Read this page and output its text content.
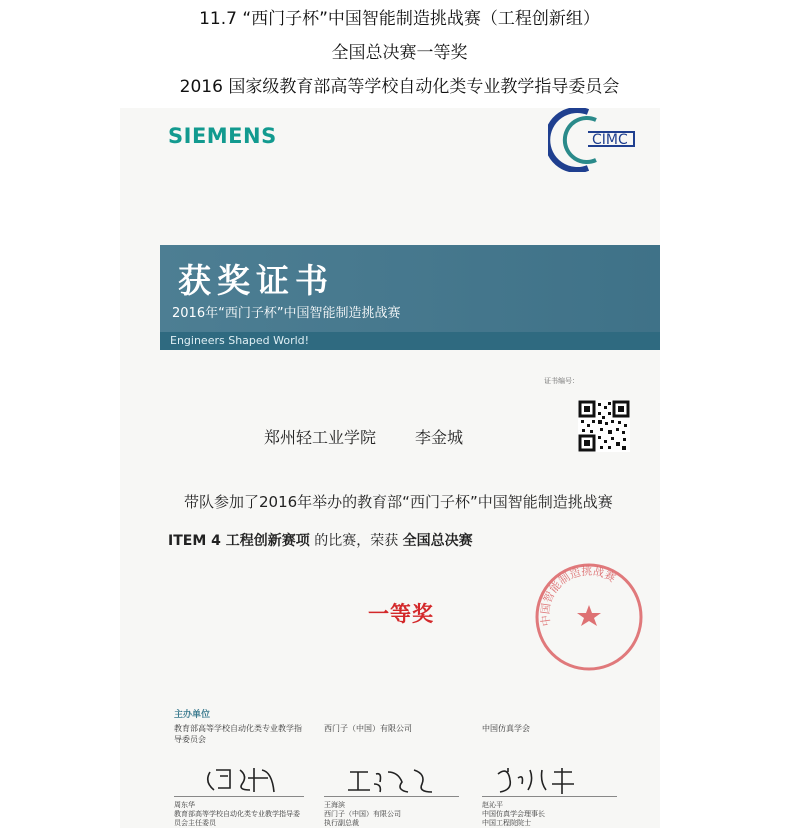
11.7 “西门子杯”中国智能制造挑战赛（工程创新组）
全国总决赛一等奖
2016 国家级教育部高等学校自动化类专业教学指导委员会
SIEMENS	CIMC
获奖证书
2016年“西门子杯”中国智能制造挑战赛
Engineers Shaped World!
证书编号：
郑州轻工业学院 李金城
带队参加了2016年举办的教育部“西门子杯”中国智能制造挑战赛
ITEM 4 工程创新赛项 的比赛，荣获 全国总决赛
一等奖	中国智能制造挑战赛
主办单位
教育部高等学校自动化类专业教学指导委员会
西门子（中国）有限公司	中国仿真学会
周东华
教育部高等学校自动化类专业教学指导委员会主任委员
王海滨
西门子（中国）有限公司
执行副总裁
赵沁平
中国仿真学会理事长
中国工程院院士
